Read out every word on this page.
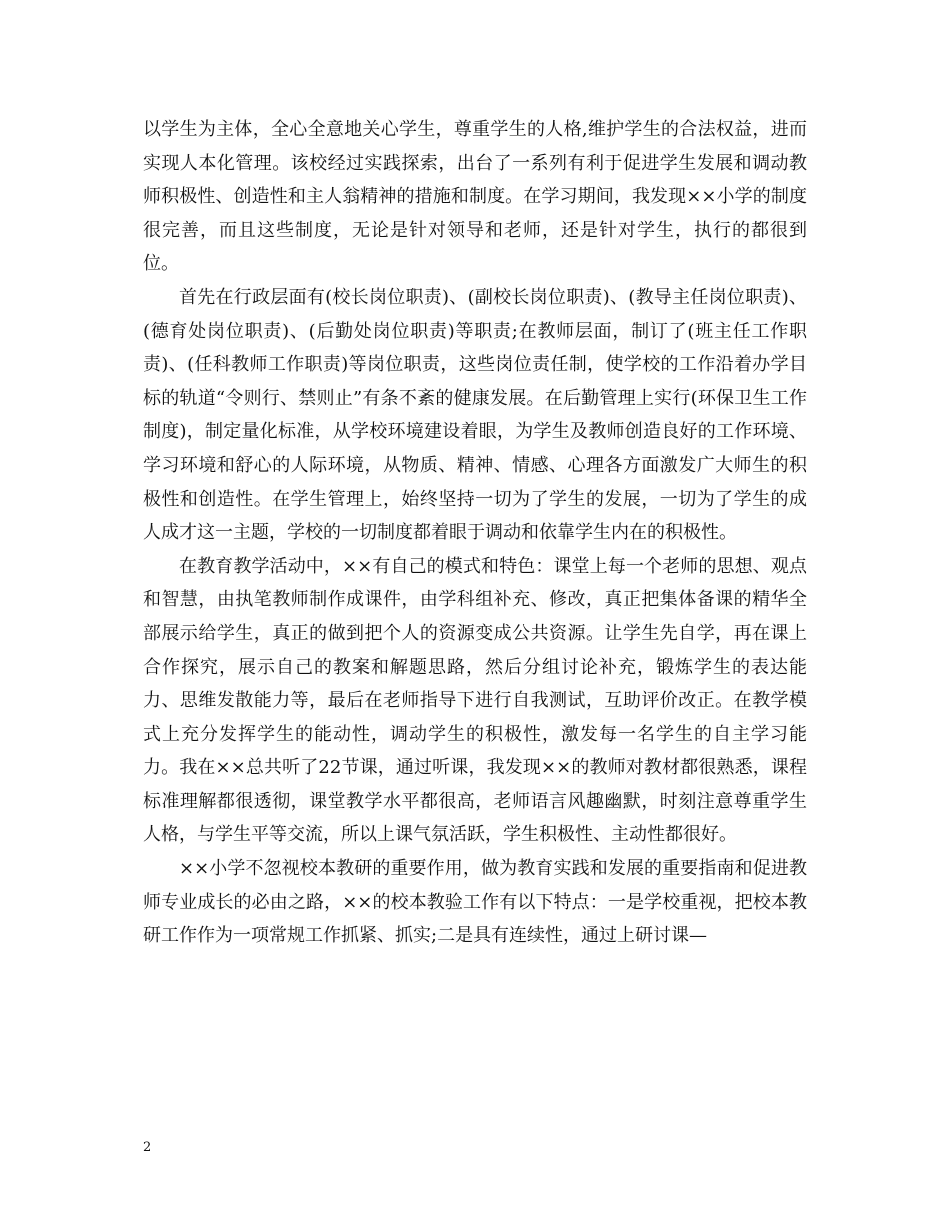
以学生为主体，全心全意地关心学生，尊重学生的人格,维护学生的合法权益，进而实现人本化管理。该校经过实践探索，出台了一系列有利于促进学生发展和调动教师积极性、创造性和主人翁精神的措施和制度。在学习期间，我发现××小学的制度很完善，而且这些制度，无论是针对领导和老师，还是针对学生，执行的都很到位。

首先在行政层面有(校长岗位职责)、(副校长岗位职责)、(教导主任岗位职责)、(德育处岗位职责)、(后勤处岗位职责)等职责;在教师层面，制订了(班主任工作职责)、(任科教师工作职责)等岗位职责，这些岗位责任制，使学校的工作沿着办学目标的轨道“令则行、禁则止”有条不紊的健康发展。在后勤管理上实行(环保卫生工作制度)，制定量化标准，从学校环境建设着眼，为学生及教师创造良好的工作环境、学习环境和舒心的人际环境，从物质、精神、情感、心理各方面激发广大师生的积极性和创造性。在学生管理上，始终坚持一切为了学生的发展，一切为了学生的成人成才这一主题，学校的一切制度都着眼于调动和依靠学生内在的积极性。

在教育教学活动中，××有自己的模式和特色：课堂上每一个老师的思想、观点和智慧，由执笔教师制作成课件，由学科组补充、修改，真正把集体备课的精华全部展示给学生，真正的做到把个人的资源变成公共资源。让学生先自学，再在课上合作探究，展示自己的教案和解题思路，然后分组讨论补充，锻炼学生的表达能力、思维发散能力等，最后在老师指导下进行自我测试，互助评价改正。在教学模式上充分发挥学生的能动性，调动学生的积极性，激发每一名学生的自主学习能力。我在××总共听了22节课，通过听课，我发现××的教师对教材都很熟悉，课程标准理解都很透彻，课堂教学水平都很高，老师语言风趣幽默，时刻注意尊重学生人格，与学生平等交流，所以上课气氛活跃，学生积极性、主动性都很好。

××小学不忽视校本教研的重要作用，做为教育实践和发展的重要指南和促进教师专业成长的必由之路，××的校本教验工作有以下特点：一是学校重视，把校本教研工作作为一项常规工作抓紧、抓实;二是具有连续性，通过上研讨课—

2
